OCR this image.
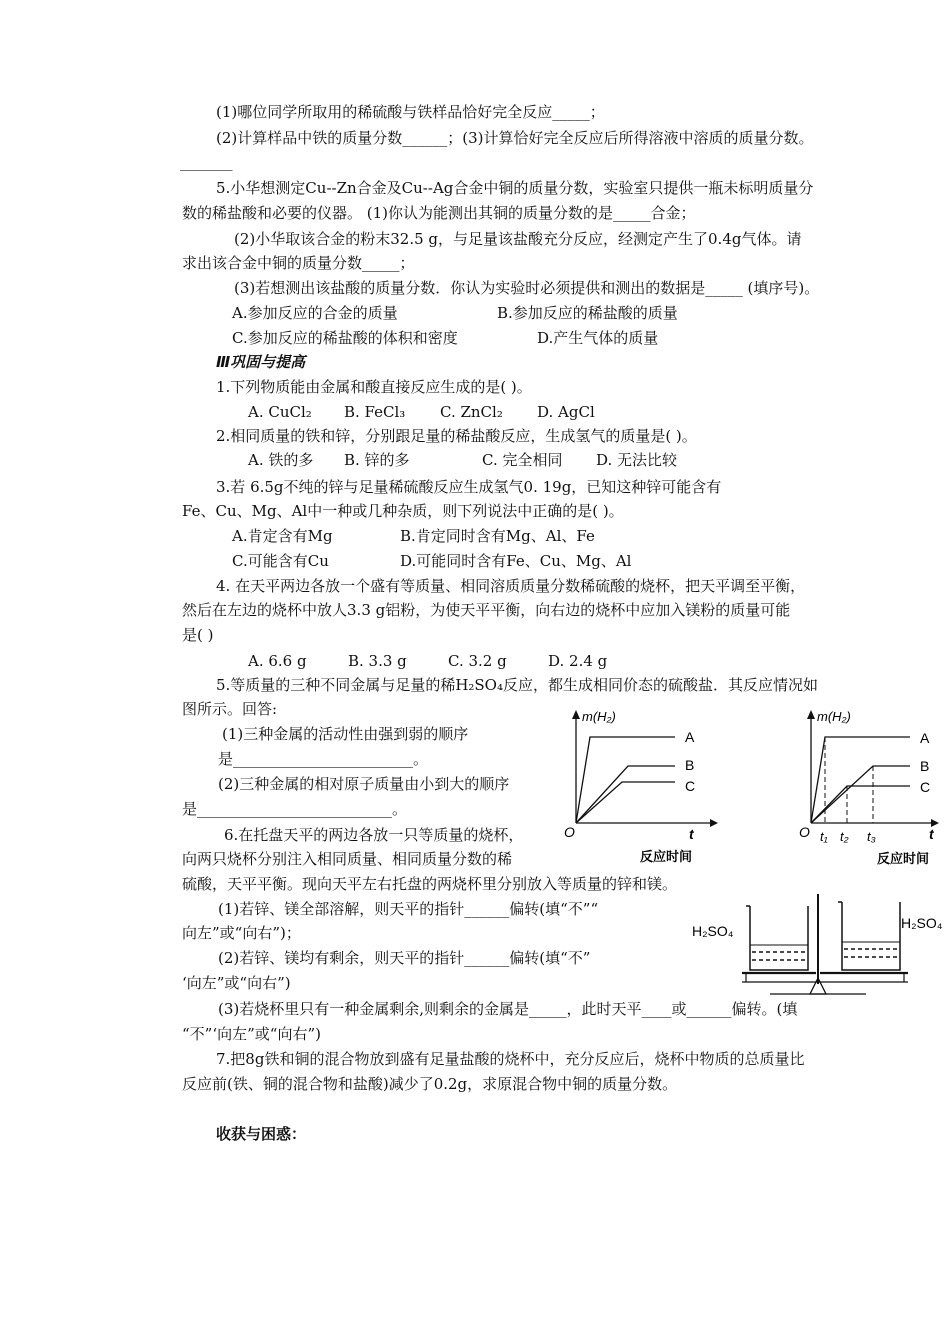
(1)哪位同学所取用的稀硫酸与铁样品恰好完全反应_____；
(2)计算样品中铁的质量分数______；(3)计算恰好完全反应后所得溶液中溶质的质量分数。
_______
5.小华想测定Cu--Zn合金及Cu--Ag合金中铜的质量分数，实验室只提供一瓶未标明质量分
数的稀盐酸和必要的仪器。 (1)你认为能测出其铜的质量分数的是_____合金；
(2)小华取该合金的粉末32.5 g，与足量该盐酸充分反应，经测定产生了0.4g气体。请
求出该合金中铜的质量分数_____；
(3)若想测出该盐酸的质量分数．你认为实验时必须提供和测出的数据是_____ (填序号)。
A.参加反应的合金的质量	B.参加反应的稀盐酸的质量
C.参加反应的稀盐酸的体积和密度	D.产生气体的质量
Ⅲ巩固与提高
1.下列物质能由金属和酸直接反应生成的是( )。
A. CuCl₂ B. FeCl₃ C. ZnCl₂ D. AgCl
2.相同质量的铁和锌，分别跟足量的稀盐酸反应，生成氢气的质量是( )。
A. 铁的多 B. 锌的多	C. 完全相同 D. 无法比较
3.若 6.5g不纯的锌与足量稀硫酸反应生成氢气0. 19g，已知这种锌可能含有
Fe、Cu、Mg、Al中一种或几种杂质，则下列说法中正确的是( )。
A.肯定含有Mg	B.肯定同时含有Mg、Al、Fe
C.可能含有Cu	D.可能同时含有Fe、Cu、Mg、Al
4. 在天平两边各放一个盛有等质量、相同溶质质量分数稀硫酸的烧杯，把天平调至平衡，
然后在左边的烧杯中放人3.3 g铝粉，为使天平平衡，向右边的烧杯中应加入镁粉的质量可能
是( )
A. 6.6 g	B. 3.3 g	C. 3.2 g	D. 2.4 g
5.等质量的三种不同金属与足量的稀H₂SO₄反应，都生成相同价态的硫酸盐．其反应情况如
图所示。回答:
(1)三种金属的活动性由强到弱的顺序
是________________________。
(2)三种金属的相对原子质量由小到大的顺序
是__________________________。
6.在托盘天平的两边各放一只等质量的烧杯，
向两只烧杯分别注入相同质量、相同质量分数的稀
硫酸，天平平衡。现向天平左右托盘的两烧杯里分别放入等质量的锌和镁。
(1)若锌、镁全部溶解，则天平的指针______偏转(填“不”“
向左”或“向右”)；
(2)若锌、镁均有剩余，则天平的指针______偏转(填“不”
‘向左”或“向右”)
(3)若烧杯里只有一种金属剩余,则剩余的金属是_____，此时天平____或______偏转。(填
“不”‘向左”或“向右”)
7.把8g铁和铜的混合物放到盛有足量盐酸的烧杯中，充分反应后，烧杯中物质的总质量比
反应前(铁、铜的混合物和盐酸)减少了0.2g，求原混合物中铜的质量分数。
收获与困惑：
m(H₂)
O	t
A
B
C
反应时间
m(H₂)
O	t
t₁ t₂ t₃
A
B
C
反应时间
H₂SO₄	H₂SO₄
